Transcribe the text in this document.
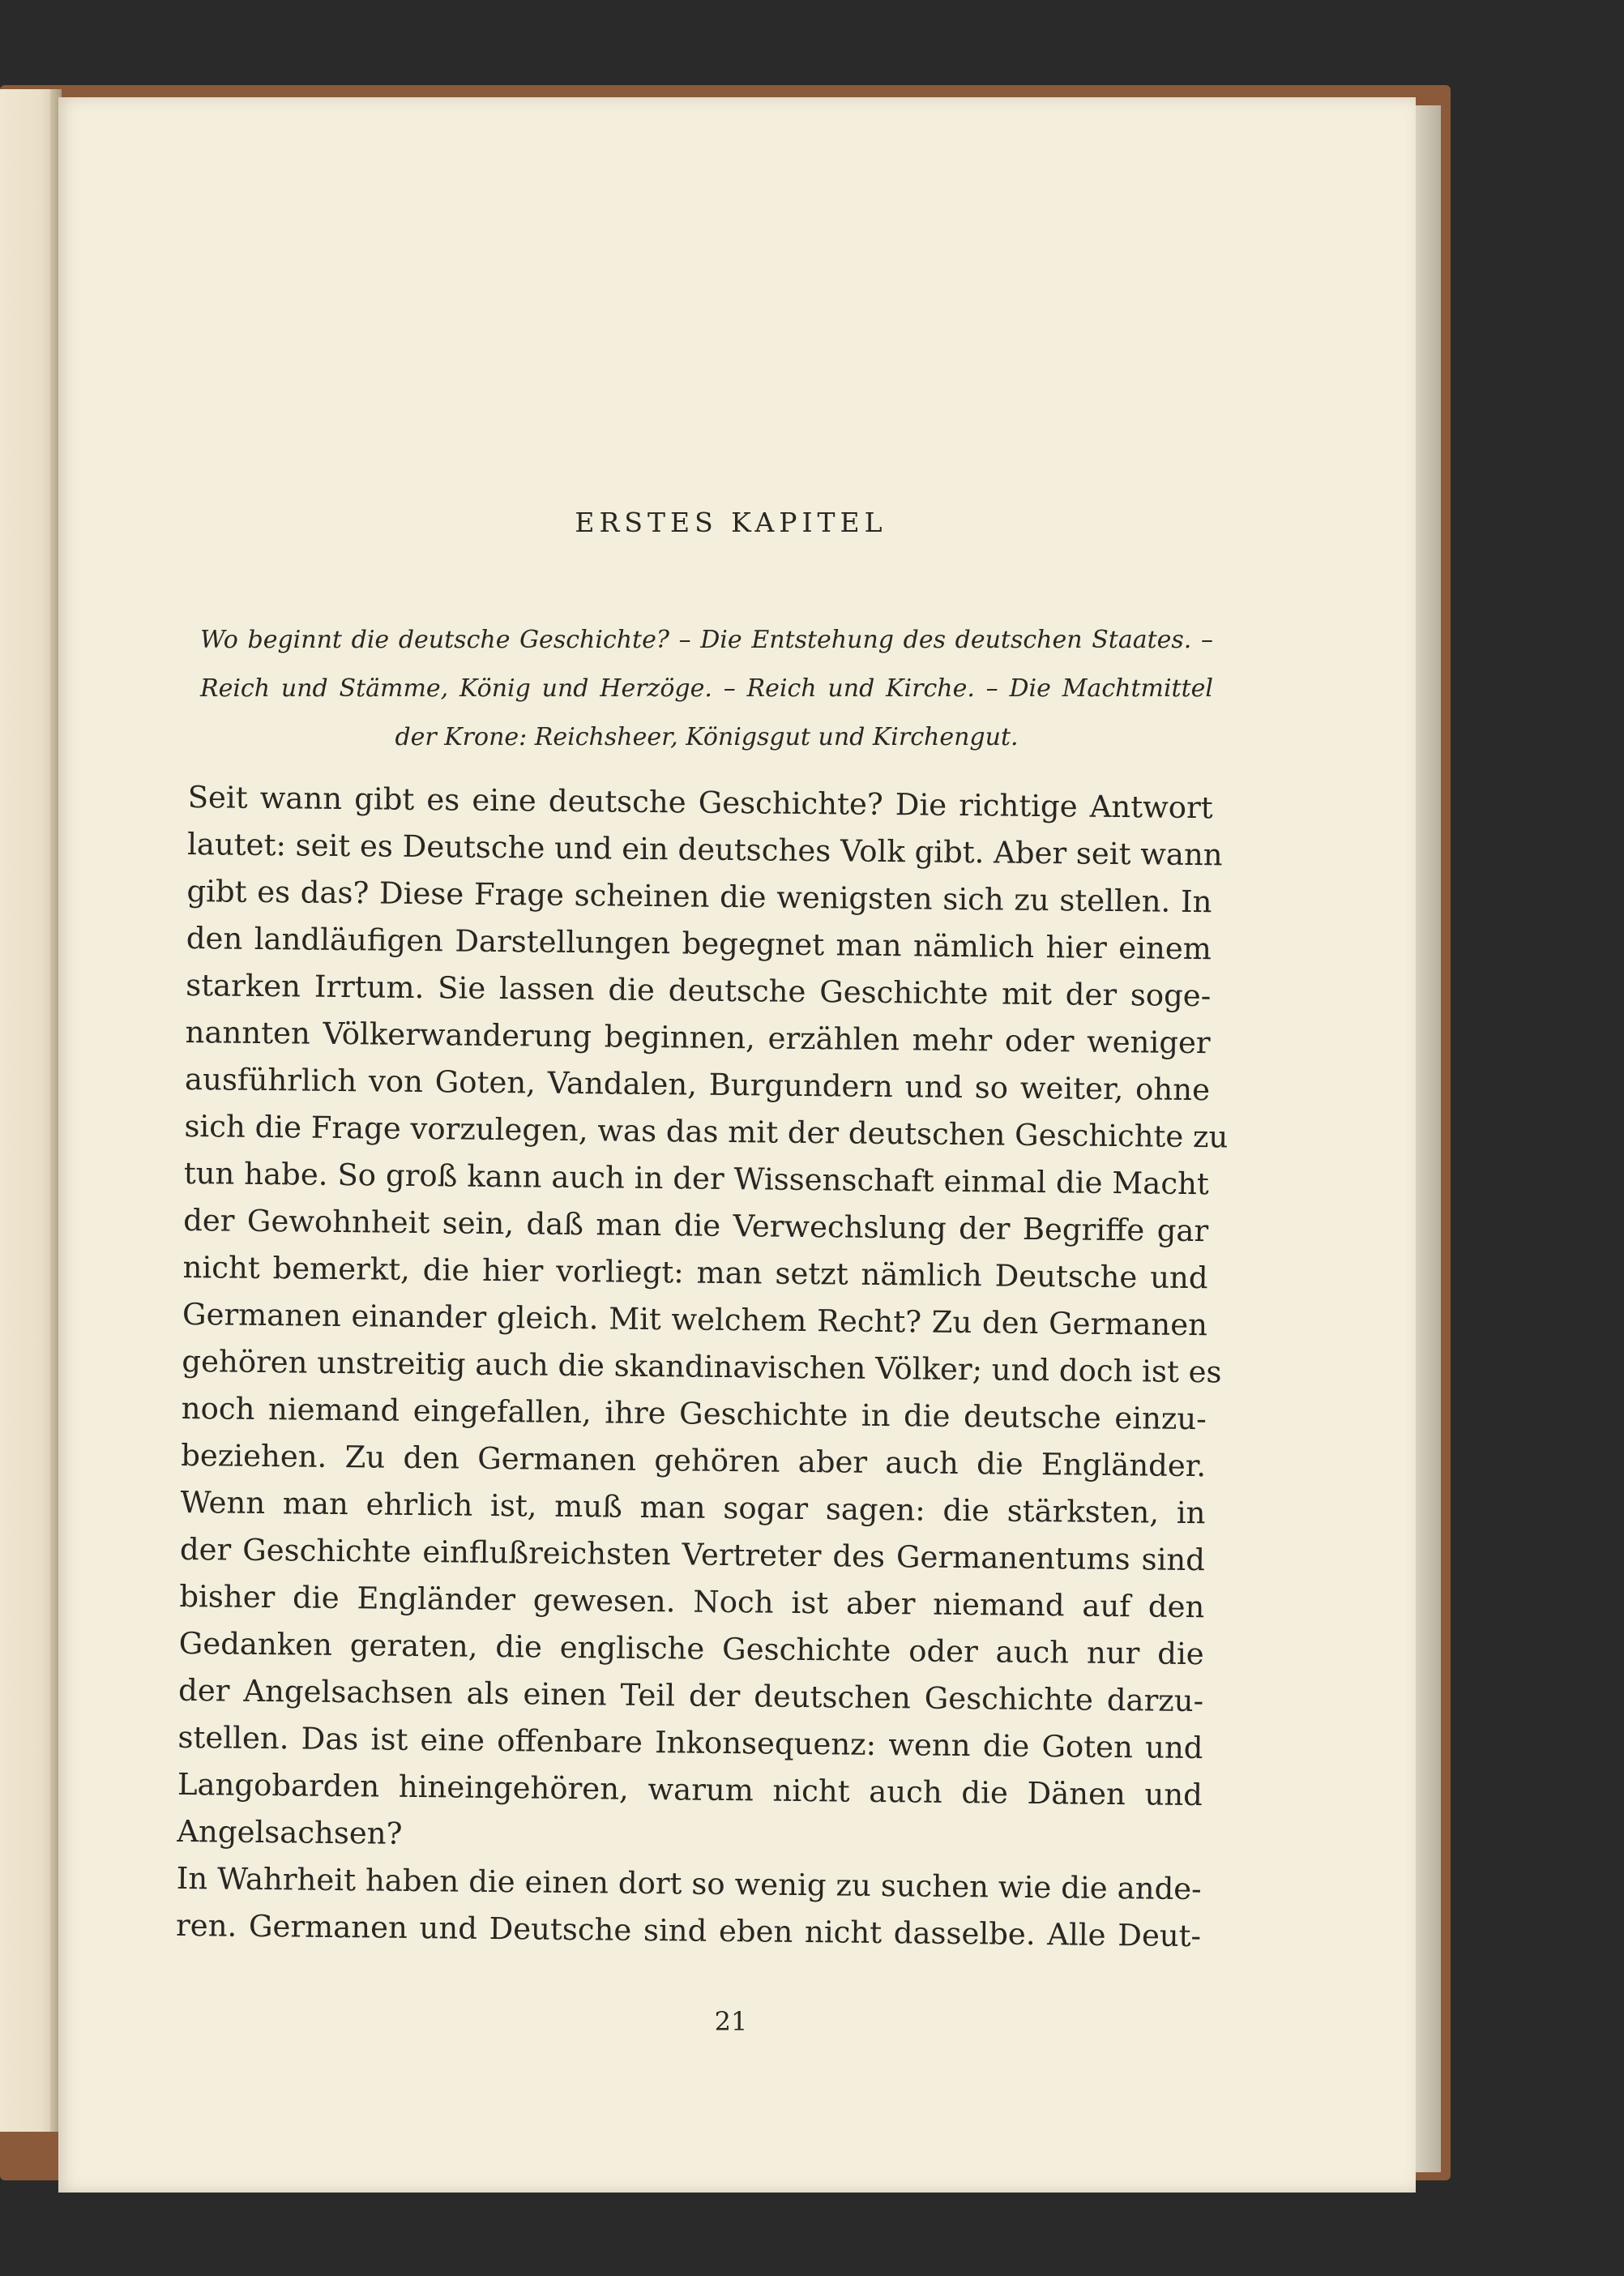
ERSTES KAPITEL
Wo beginnt die deutsche Geschichte? – Die Entstehung des deutschen Staates. –
Reich und Stämme, König und Herzöge. – Reich und Kirche. – Die Machtmittel
der Krone: Reichsheer, Königsgut und Kirchengut.
Seit wann gibt es eine deutsche Geschichte? Die richtige Antwort
lautet: seit es Deutsche und ein deutsches Volk gibt. Aber seit wann
gibt es das? Diese Frage scheinen die wenigsten sich zu stellen. In
den landläufigen Darstellungen begegnet man nämlich hier einem
starken Irrtum. Sie lassen die deutsche Geschichte mit der soge-
nannten Völkerwanderung beginnen, erzählen mehr oder weniger
ausführlich von Goten, Vandalen, Burgundern und so weiter, ohne
sich die Frage vorzulegen, was das mit der deutschen Geschichte zu
tun habe. So groß kann auch in der Wissenschaft einmal die Macht
der Gewohnheit sein, daß man die Verwechslung der Begriffe gar
nicht bemerkt, die hier vorliegt: man setzt nämlich Deutsche und
Germanen einander gleich. Mit welchem Recht? Zu den Germanen
gehören unstreitig auch die skandinavischen Völker; und doch ist es
noch niemand eingefallen, ihre Geschichte in die deutsche einzu-
beziehen. Zu den Germanen gehören aber auch die Engländer.
Wenn man ehrlich ist, muß man sogar sagen: die stärksten, in
der Geschichte einflußreichsten Vertreter des Germanentums sind
bisher die Engländer gewesen. Noch ist aber niemand auf den
Gedanken geraten, die englische Geschichte oder auch nur die
der Angelsachsen als einen Teil der deutschen Geschichte darzu-
stellen. Das ist eine offenbare Inkonsequenz: wenn die Goten und
Langobarden hineingehören, warum nicht auch die Dänen und
Angelsachsen?
In Wahrheit haben die einen dort so wenig zu suchen wie die ande-
ren. Germanen und Deutsche sind eben nicht dasselbe. Alle Deut-
21
